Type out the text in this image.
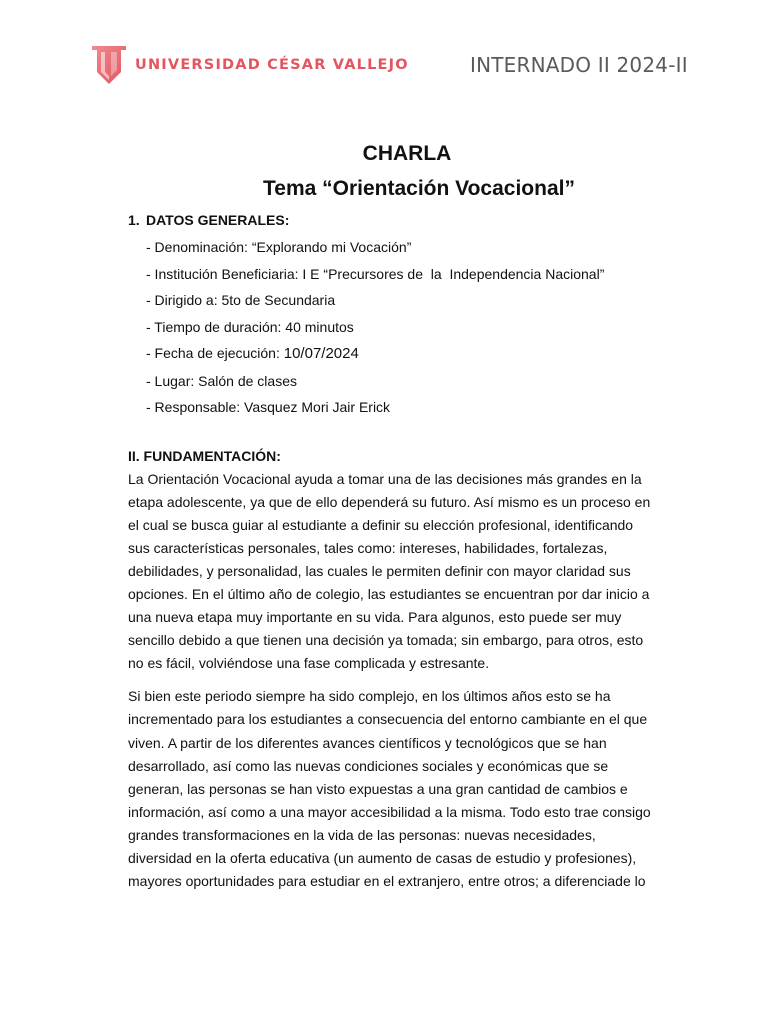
UNIVERSIDAD CÉSAR VALLEJO	INTERNADO II 2024-II
CHARLA
Tema “Orientación Vocacional”
1. DATOS GENERALES:
- Denominación: “Explorando mi Vocación”
- Institución Beneficiaria: I E “Precursores de  la  Independencia Nacional”
- Dirigido a: 5to de Secundaria
- Tiempo de duración: 40 minutos
- Fecha de ejecución: 10/07/2024
- Lugar: Salón de clases
- Responsable: Vasquez Mori Jair Erick
II. FUNDAMENTACIÓN:

La Orientación Vocacional ayuda a tomar una de las decisiones más grandes en la
etapa adolescente, ya que de ello dependerá su futuro. Así mismo es un proceso en
el cual se busca guiar al estudiante a definir su elección profesional, identificando
sus características personales, tales como: intereses, habilidades, fortalezas,
debilidades, y personalidad, las cuales le permiten definir con mayor claridad sus
opciones. En el último año de colegio, las estudiantes se encuentran por dar inicio a
una nueva etapa muy importante en su vida. Para algunos, esto puede ser muy
sencillo debido a que tienen una decisión ya tomada; sin embargo, para otros, esto
no es fácil, volviéndose una fase complicada y estresante.

Si bien este periodo siempre ha sido complejo, en los últimos años esto se ha
incrementado para los estudiantes a consecuencia del entorno cambiante en el que
viven. A partir de los diferentes avances científicos y tecnológicos que se han
desarrollado, así como las nuevas condiciones sociales y económicas que se
generan, las personas se han visto expuestas a una gran cantidad de cambios e
información, así como a una mayor accesibilidad a la misma. Todo esto trae consigo
grandes transformaciones en la vida de las personas: nuevas necesidades,
diversidad en la oferta educativa (un aumento de casas de estudio y profesiones),
mayores oportunidades para estudiar en el extranjero, entre otros; a diferenciade lo
